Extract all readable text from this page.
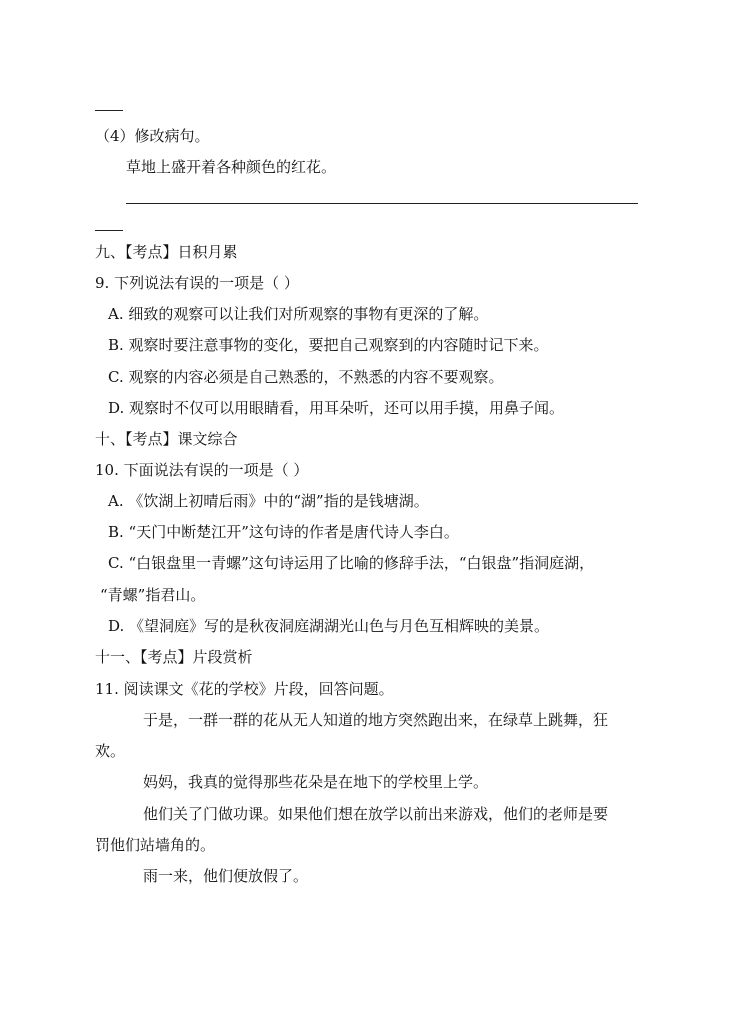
（4）修改病句。
草地上盛开着各种颜色的红花。
九、【考点】日积月累
9. 下列说法有误的一项是（ ）
A. 细致的观察可以让我们对所观察的事物有更深的了解。
B. 观察时要注意事物的变化，要把自己观察到的内容随时记下来。
C. 观察的内容必须是自己熟悉的，不熟悉的内容不要观察。
D. 观察时不仅可以用眼睛看，用耳朵听，还可以用手摸，用鼻子闻。
十、【考点】课文综合
10. 下面说法有误的一项是（ ）
A. 《饮湖上初晴后雨》中的“湖”指的是钱塘湖。
B. “天门中断楚江开”这句诗的作者是唐代诗人李白。
C. “白银盘里一青螺”这句诗运用了比喻的修辞手法，“白银盘”指洞庭湖，
“青螺”指君山。
D. 《望洞庭》写的是秋夜洞庭湖湖光山色与月色互相辉映的美景。
十一、【考点】片段赏析
11. 阅读课文《花的学校》片段，回答问题。
于是，一群一群的花从无人知道的地方突然跑出来，在绿草上跳舞，狂
欢。
妈妈，我真的觉得那些花朵是在地下的学校里上学。
他们关了门做功课。如果他们想在放学以前出来游戏，他们的老师是要
罚他们站墙角的。
雨一来，他们便放假了。
